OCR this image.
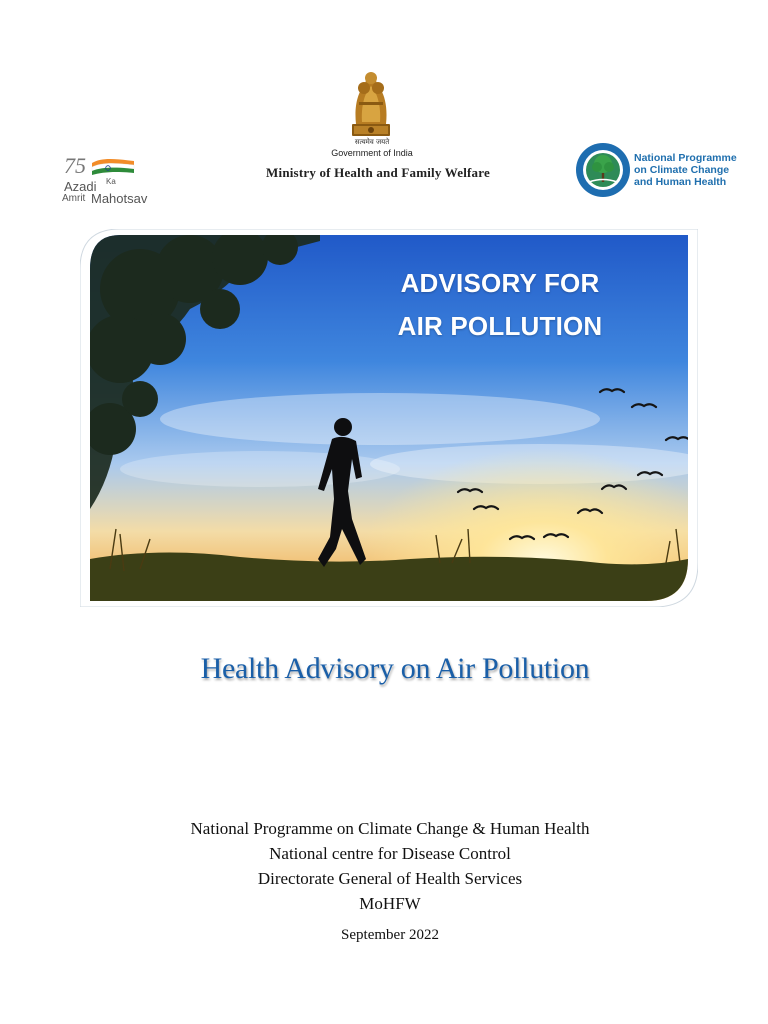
सत्यमेव जयते
Government of India
Ministry of Health and Family Welfare
75
Azadi Ka
Amrit Mahotsav
National Programme
on Climate Change
and Human Health
ADVISORY FOR
AIR POLLUTION
Health Advisory on Air Pollution
National Programme on Climate Change & Human Health
National centre for Disease Control
Directorate General of Health Services
MoHFW
September 2022
